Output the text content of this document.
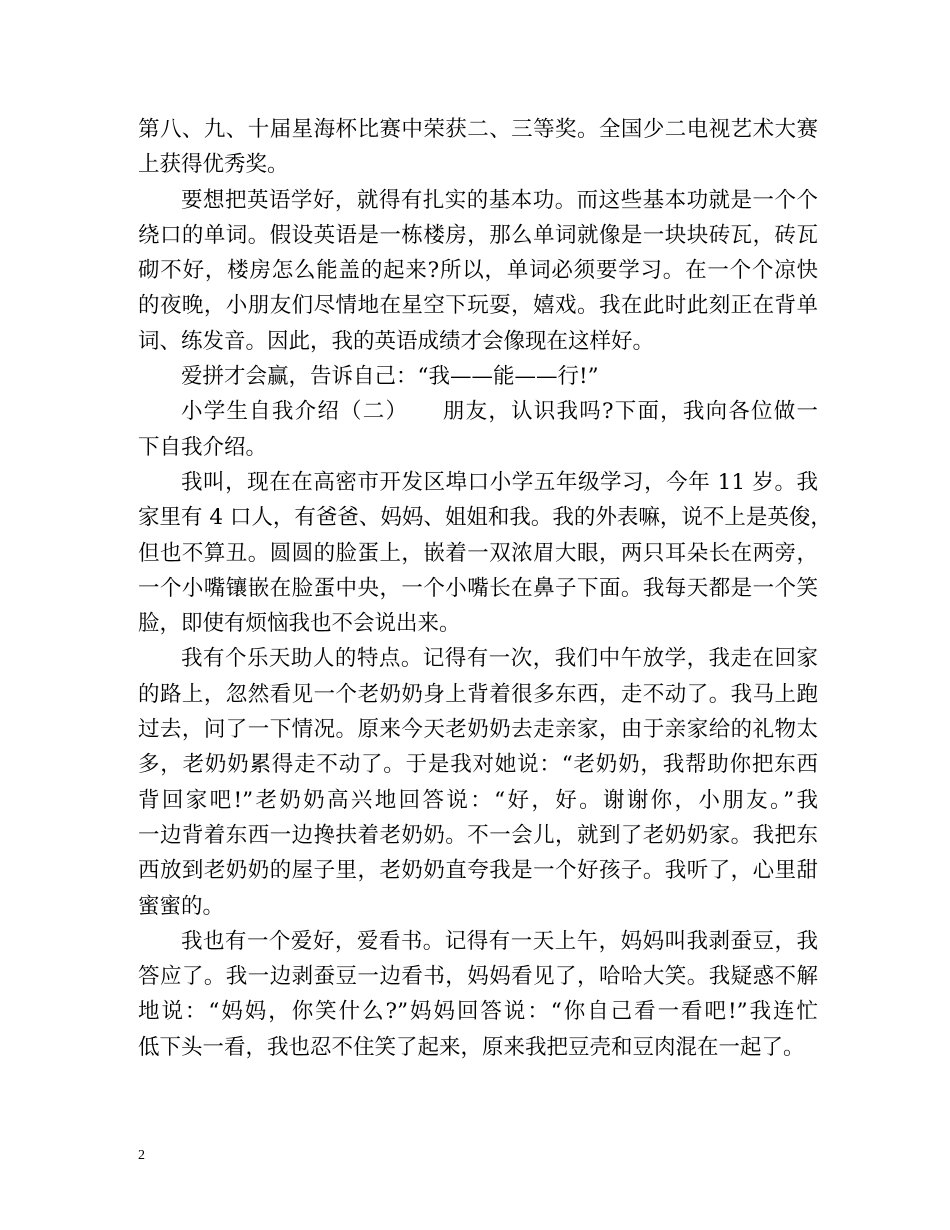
第八、九、十届星海杯比赛中荣获二、三等奖。全国少二电视艺术大赛
上获得优秀奖。
要想把英语学好，就得有扎实的基本功。而这些基本功就是一个个
绕口的单词。假设英语是一栋楼房，那么单词就像是一块块砖瓦，砖瓦
砌不好，楼房怎么能盖的起来?所以，单词必须要学习。在一个个凉快
的夜晚，小朋友们尽情地在星空下玩耍，嬉戏。我在此时此刻正在背单
词、练发音。因此，我的英语成绩才会像现在这样好。
爱拼才会赢，告诉自己：“我——能——行!”
小学生自我介绍（二）　　朋友，认识我吗?下面，我向各位做一
下自我介绍。
我叫，现在在高密市开发区埠口小学五年级学习，今年 11 岁。我
家里有 4 口人，有爸爸、妈妈、姐姐和我。我的外表嘛，说不上是英俊，
但也不算丑。圆圆的脸蛋上，嵌着一双浓眉大眼，两只耳朵长在两旁，
一个小嘴镶嵌在脸蛋中央，一个小嘴长在鼻子下面。我每天都是一个笑
脸，即使有烦恼我也不会说出来。
我有个乐天助人的特点。记得有一次，我们中午放学，我走在回家
的路上，忽然看见一个老奶奶身上背着很多东西，走不动了。我马上跑
过去，问了一下情况。原来今天老奶奶去走亲家，由于亲家给的礼物太
多，老奶奶累得走不动了。于是我对她说：“老奶奶，我帮助你把东西
背回家吧!”老奶奶高兴地回答说：“好，好。谢谢你，小朋友。”我
一边背着东西一边搀扶着老奶奶。不一会儿，就到了老奶奶家。我把东
西放到老奶奶的屋子里，老奶奶直夸我是一个好孩子。我听了，心里甜
蜜蜜的。
我也有一个爱好，爱看书。记得有一天上午，妈妈叫我剥蚕豆，我
答应了。我一边剥蚕豆一边看书，妈妈看见了，哈哈大笑。我疑惑不解
地说：“妈妈，你笑什么?”妈妈回答说：“你自己看一看吧!”我连忙
低下头一看，我也忍不住笑了起来，原来我把豆壳和豆肉混在一起了。
2
